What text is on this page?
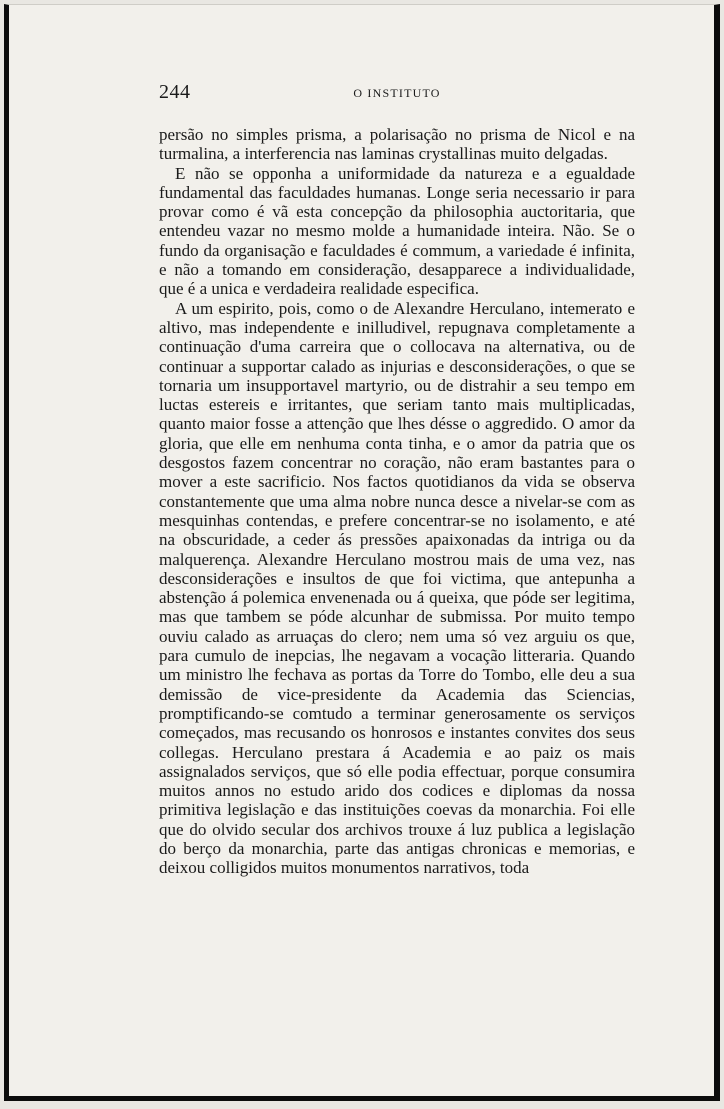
244	O INSTITUTO

persão no simples prisma, a polarisação no prisma de Nicol e na turmalina, a interferencia nas laminas crystallinas muito delgadas.

E não se opponha a uniformidade da natureza e a egualdade fundamental das faculdades humanas. Longe seria necessario ir para provar como é vã esta concepção da philosophia auctoritaria, que entendeu vazar no mesmo molde a humanidade inteira. Não. Se o fundo da organisação e faculdades é commum, a variedade é infinita, e não a tomando em consideração, desapparece a individualidade, que é a unica e verdadeira realidade especifica.

A um espirito, pois, como o de Alexandre Herculano, intemerato e altivo, mas independente e inilludivel, repugnava completamente a continuação d'uma carreira que o collocava na alternativa, ou de continuar a supportar calado as injurias e desconsiderações, o que se tornaria um insupportavel martyrio, ou de distrahir a seu tempo em luctas estereis e irritantes, que seriam tanto mais multiplicadas, quanto maior fosse a attenção que lhes désse o aggredido. O amor da gloria, que elle em nenhuma conta tinha, e o amor da patria que os desgostos fazem concentrar no coração, não eram bastantes para o mover a este sacrificio. Nos factos quotidianos da vida se observa constantemente que uma alma nobre nunca desce a nivelar-se com as mesquinhas contendas, e prefere concentrar-se no isolamento, e até na obscuridade, a ceder ás pressões apaixonadas da intriga ou da malquerença. Alexandre Herculano mostrou mais de uma vez, nas desconsiderações e insultos de que foi victima, que antepunha a abstenção á polemica envenenada ou á queixa, que póde ser legitima, mas que tambem se póde alcunhar de submissa. Por muito tempo ouviu calado as arruaças do clero; nem uma só vez arguiu os que, para cumulo de inepcias, lhe negavam a vocação litteraria. Quando um ministro lhe fechava as portas da Torre do Tombo, elle deu a sua demissão de vice-presidente da Academia das Sciencias, promptificando-se comtudo a terminar generosamente os serviços começados, mas recusando os honrosos e instantes convites dos seus collegas. Herculano prestara á Academia e ao paiz os mais assignalados serviços, que só elle podia effectuar, porque consumira muitos annos no estudo arido dos codices e diplomas da nossa primitiva legislação e das instituições coevas da monarchia. Foi elle que do olvido secular dos archivos trouxe á luz publica a legislação do berço da monarchia, parte das antigas chronicas e memorias, e deixou colligidos muitos monumentos narrativos, toda
